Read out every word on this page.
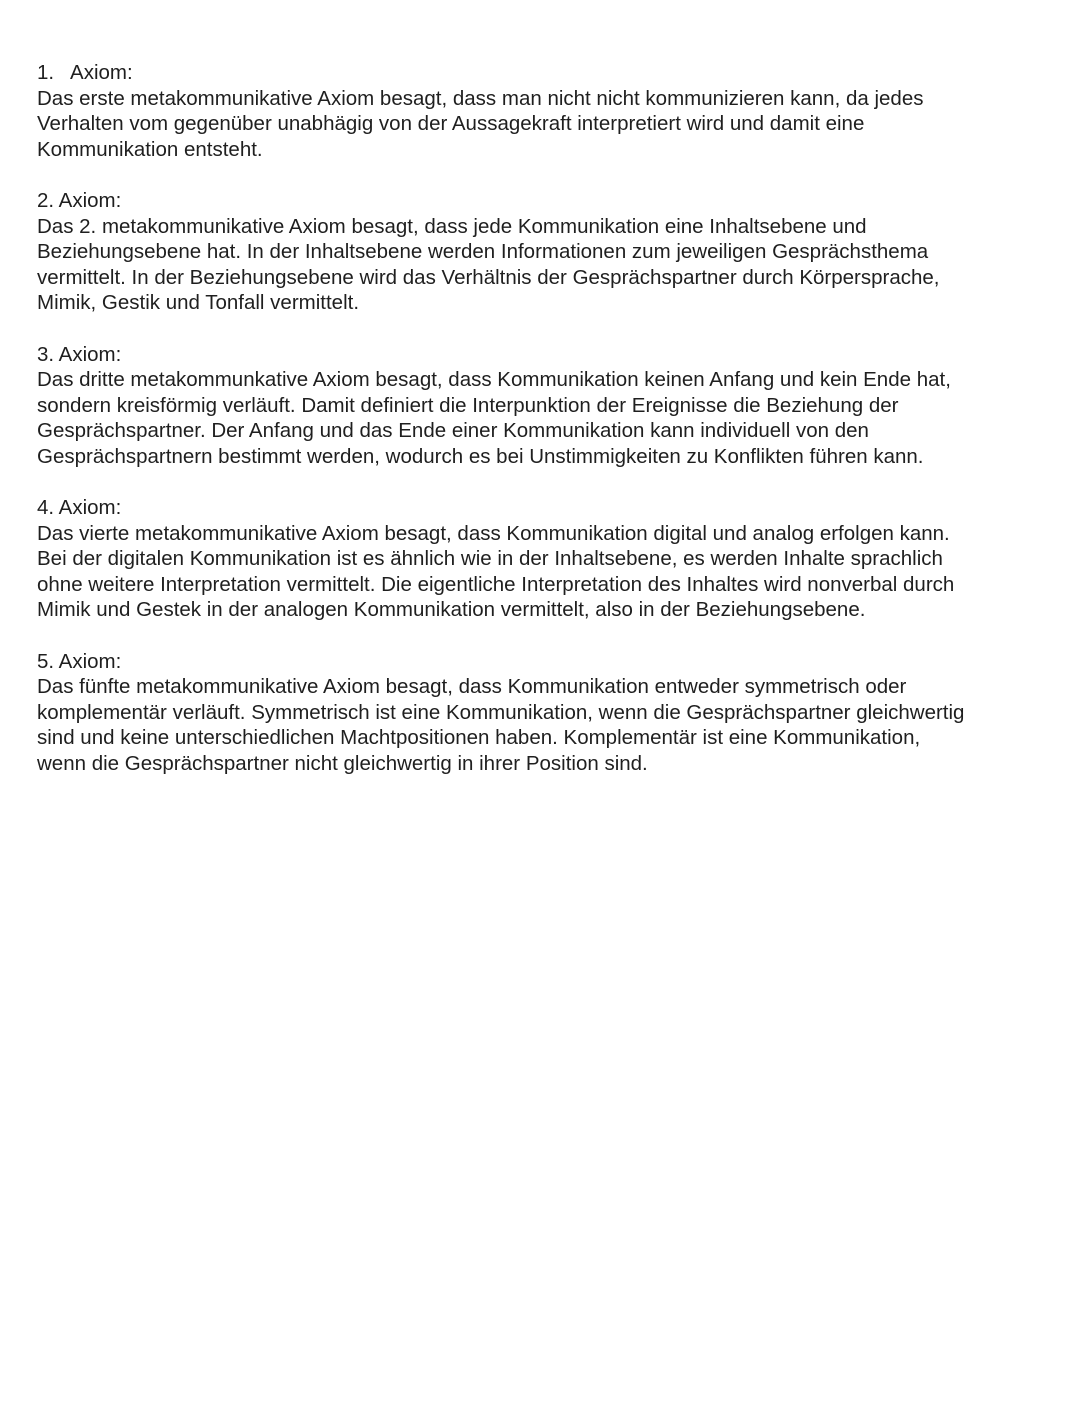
1.   Axiom:
Das erste metakommunikative Axiom besagt, dass man nicht nicht kommunizieren kann, da jedes
Verhalten vom gegenüber unabhägig von der Aussagekraft interpretiert wird und damit eine
Kommunikation entsteht.
2. Axiom:
Das 2. metakommunikative Axiom besagt, dass jede Kommunikation eine Inhaltsebene und
Beziehungsebene hat. In der Inhaltsebene werden Informationen zum jeweiligen Gesprächsthema
vermittelt. In der Beziehungsebene wird das Verhältnis der Gesprächspartner durch Körpersprache,
Mimik, Gestik und Tonfall vermittelt.
3. Axiom:
Das dritte metakommunkative Axiom besagt, dass Kommunikation keinen Anfang und kein Ende hat,
sondern kreisförmig verläuft. Damit definiert die Interpunktion der Ereignisse die Beziehung der
Gesprächspartner. Der Anfang und das Ende einer Kommunikation kann individuell von den
Gesprächspartnern bestimmt werden, wodurch es bei Unstimmigkeiten zu Konflikten führen kann.
4. Axiom:
Das vierte metakommunikative Axiom besagt, dass Kommunikation digital und analog erfolgen kann.
Bei der digitalen Kommunikation ist es ähnlich wie in der Inhaltsebene, es werden Inhalte sprachlich
ohne weitere Interpretation vermittelt. Die eigentliche Interpretation des Inhaltes wird nonverbal durch
Mimik und Gestek in der analogen Kommunikation vermittelt, also in der Beziehungsebene.
5. Axiom:
Das fünfte metakommunikative Axiom besagt, dass Kommunikation entweder symmetrisch oder
komplementär verläuft. Symmetrisch ist eine Kommunikation, wenn die Gesprächspartner gleichwertig
sind und keine unterschiedlichen Machtpositionen haben. Komplementär ist eine Kommunikation,
wenn die Gesprächspartner nicht gleichwertig in ihrer Position sind.
